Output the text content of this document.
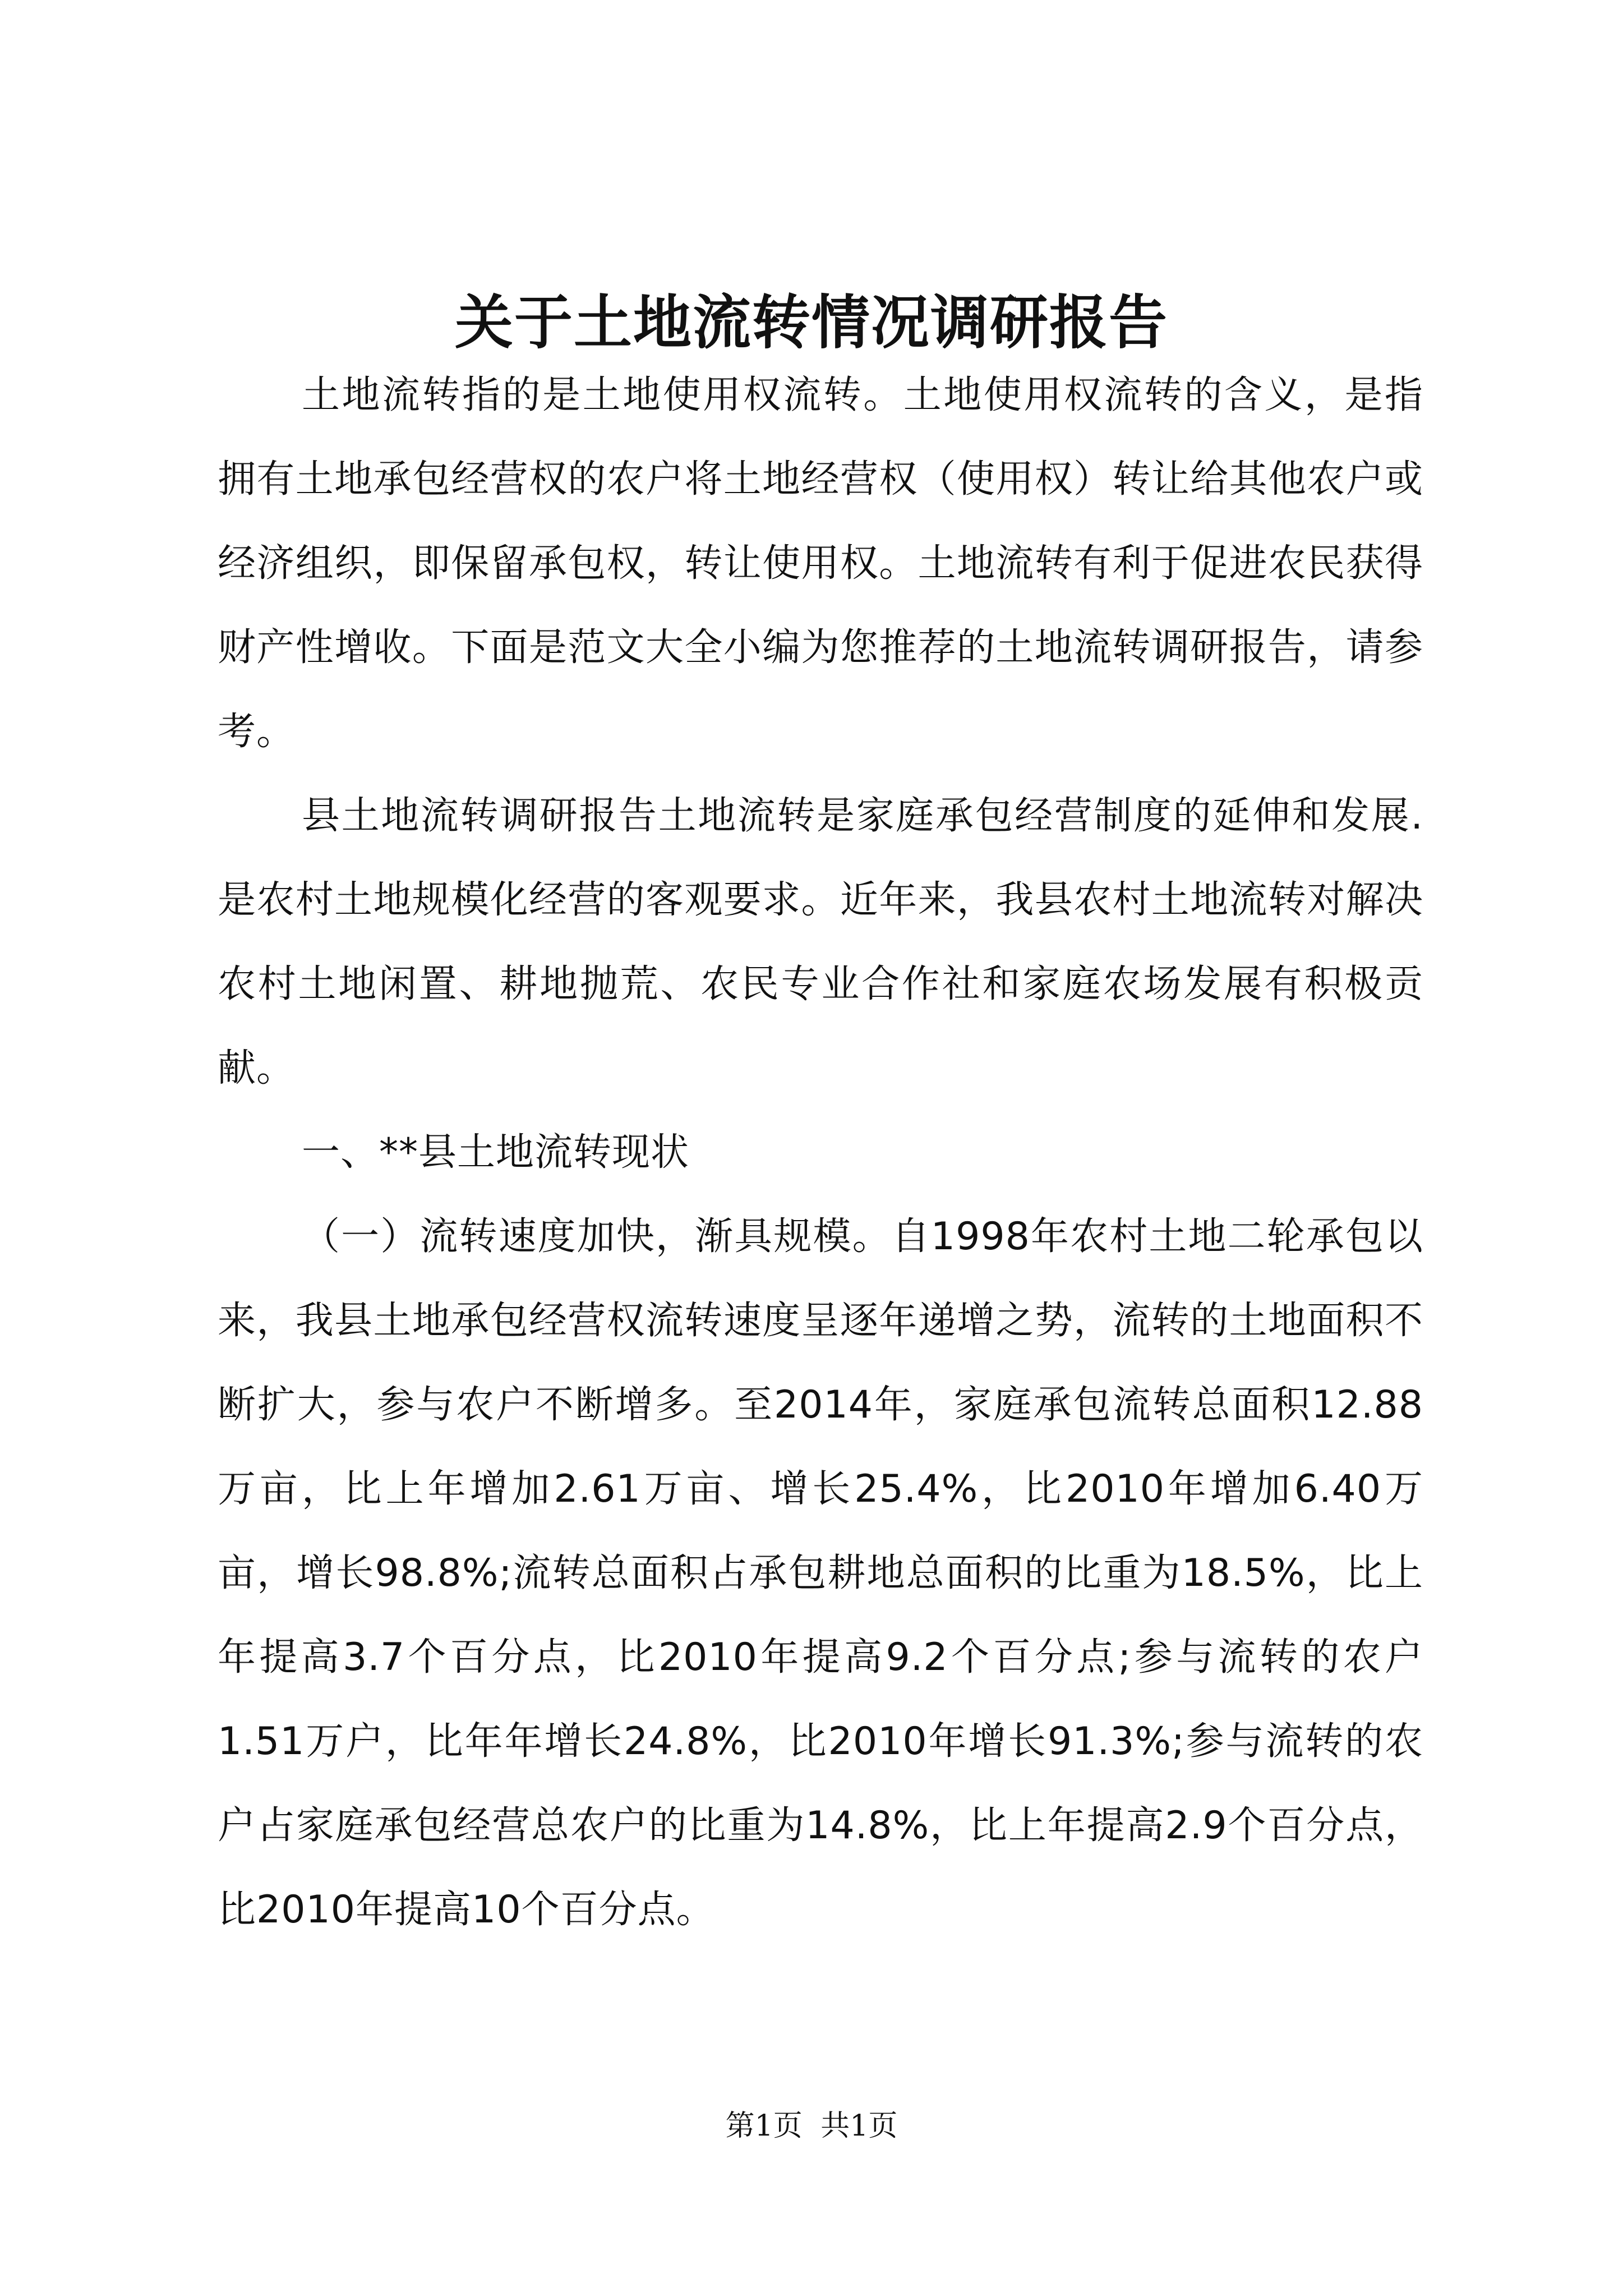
关于土地流转情况调研报告

土地流转指的是土地使用权流转。土地使用权流转的含义，是指拥有土地承包经营权的农户将土地经营权（使用权）转让给其他农户或经济组织，即保留承包权，转让使用权。土地流转有利于促进农民获得财产性增收。下面是范文大全小编为您推荐的土地流转调研报告，请参考。

县土地流转调研报告土地流转是家庭承包经营制度的延伸和发展.是农村土地规模化经营的客观要求。近年来，我县农村土地流转对解决农村土地闲置、耕地抛荒、农民专业合作社和家庭农场发展有积极贡献。

一、**县土地流转现状

（一）流转速度加快，渐具规模。自1998年农村土地二轮承包以来，我县土地承包经营权流转速度呈逐年递增之势，流转的土地面积不断扩大，参与农户不断增多。至2014年，家庭承包流转总面积12.88万亩，比上年增加2.61万亩、增长25.4%，比2010年增加6.40万亩，增长98.8%;流转总面积占承包耕地总面积的比重为18.5%，比上年提高3.7个百分点，比2010年提高9.2个百分点;参与流转的农户1.51万户，比年年增长24.8%，比2010年增长91.3%;参与流转的农户占家庭承包经营总农户的比重为14.8%，比上年提高2.9个百分点，比2010年提高10个百分点。

第1页 共1页
